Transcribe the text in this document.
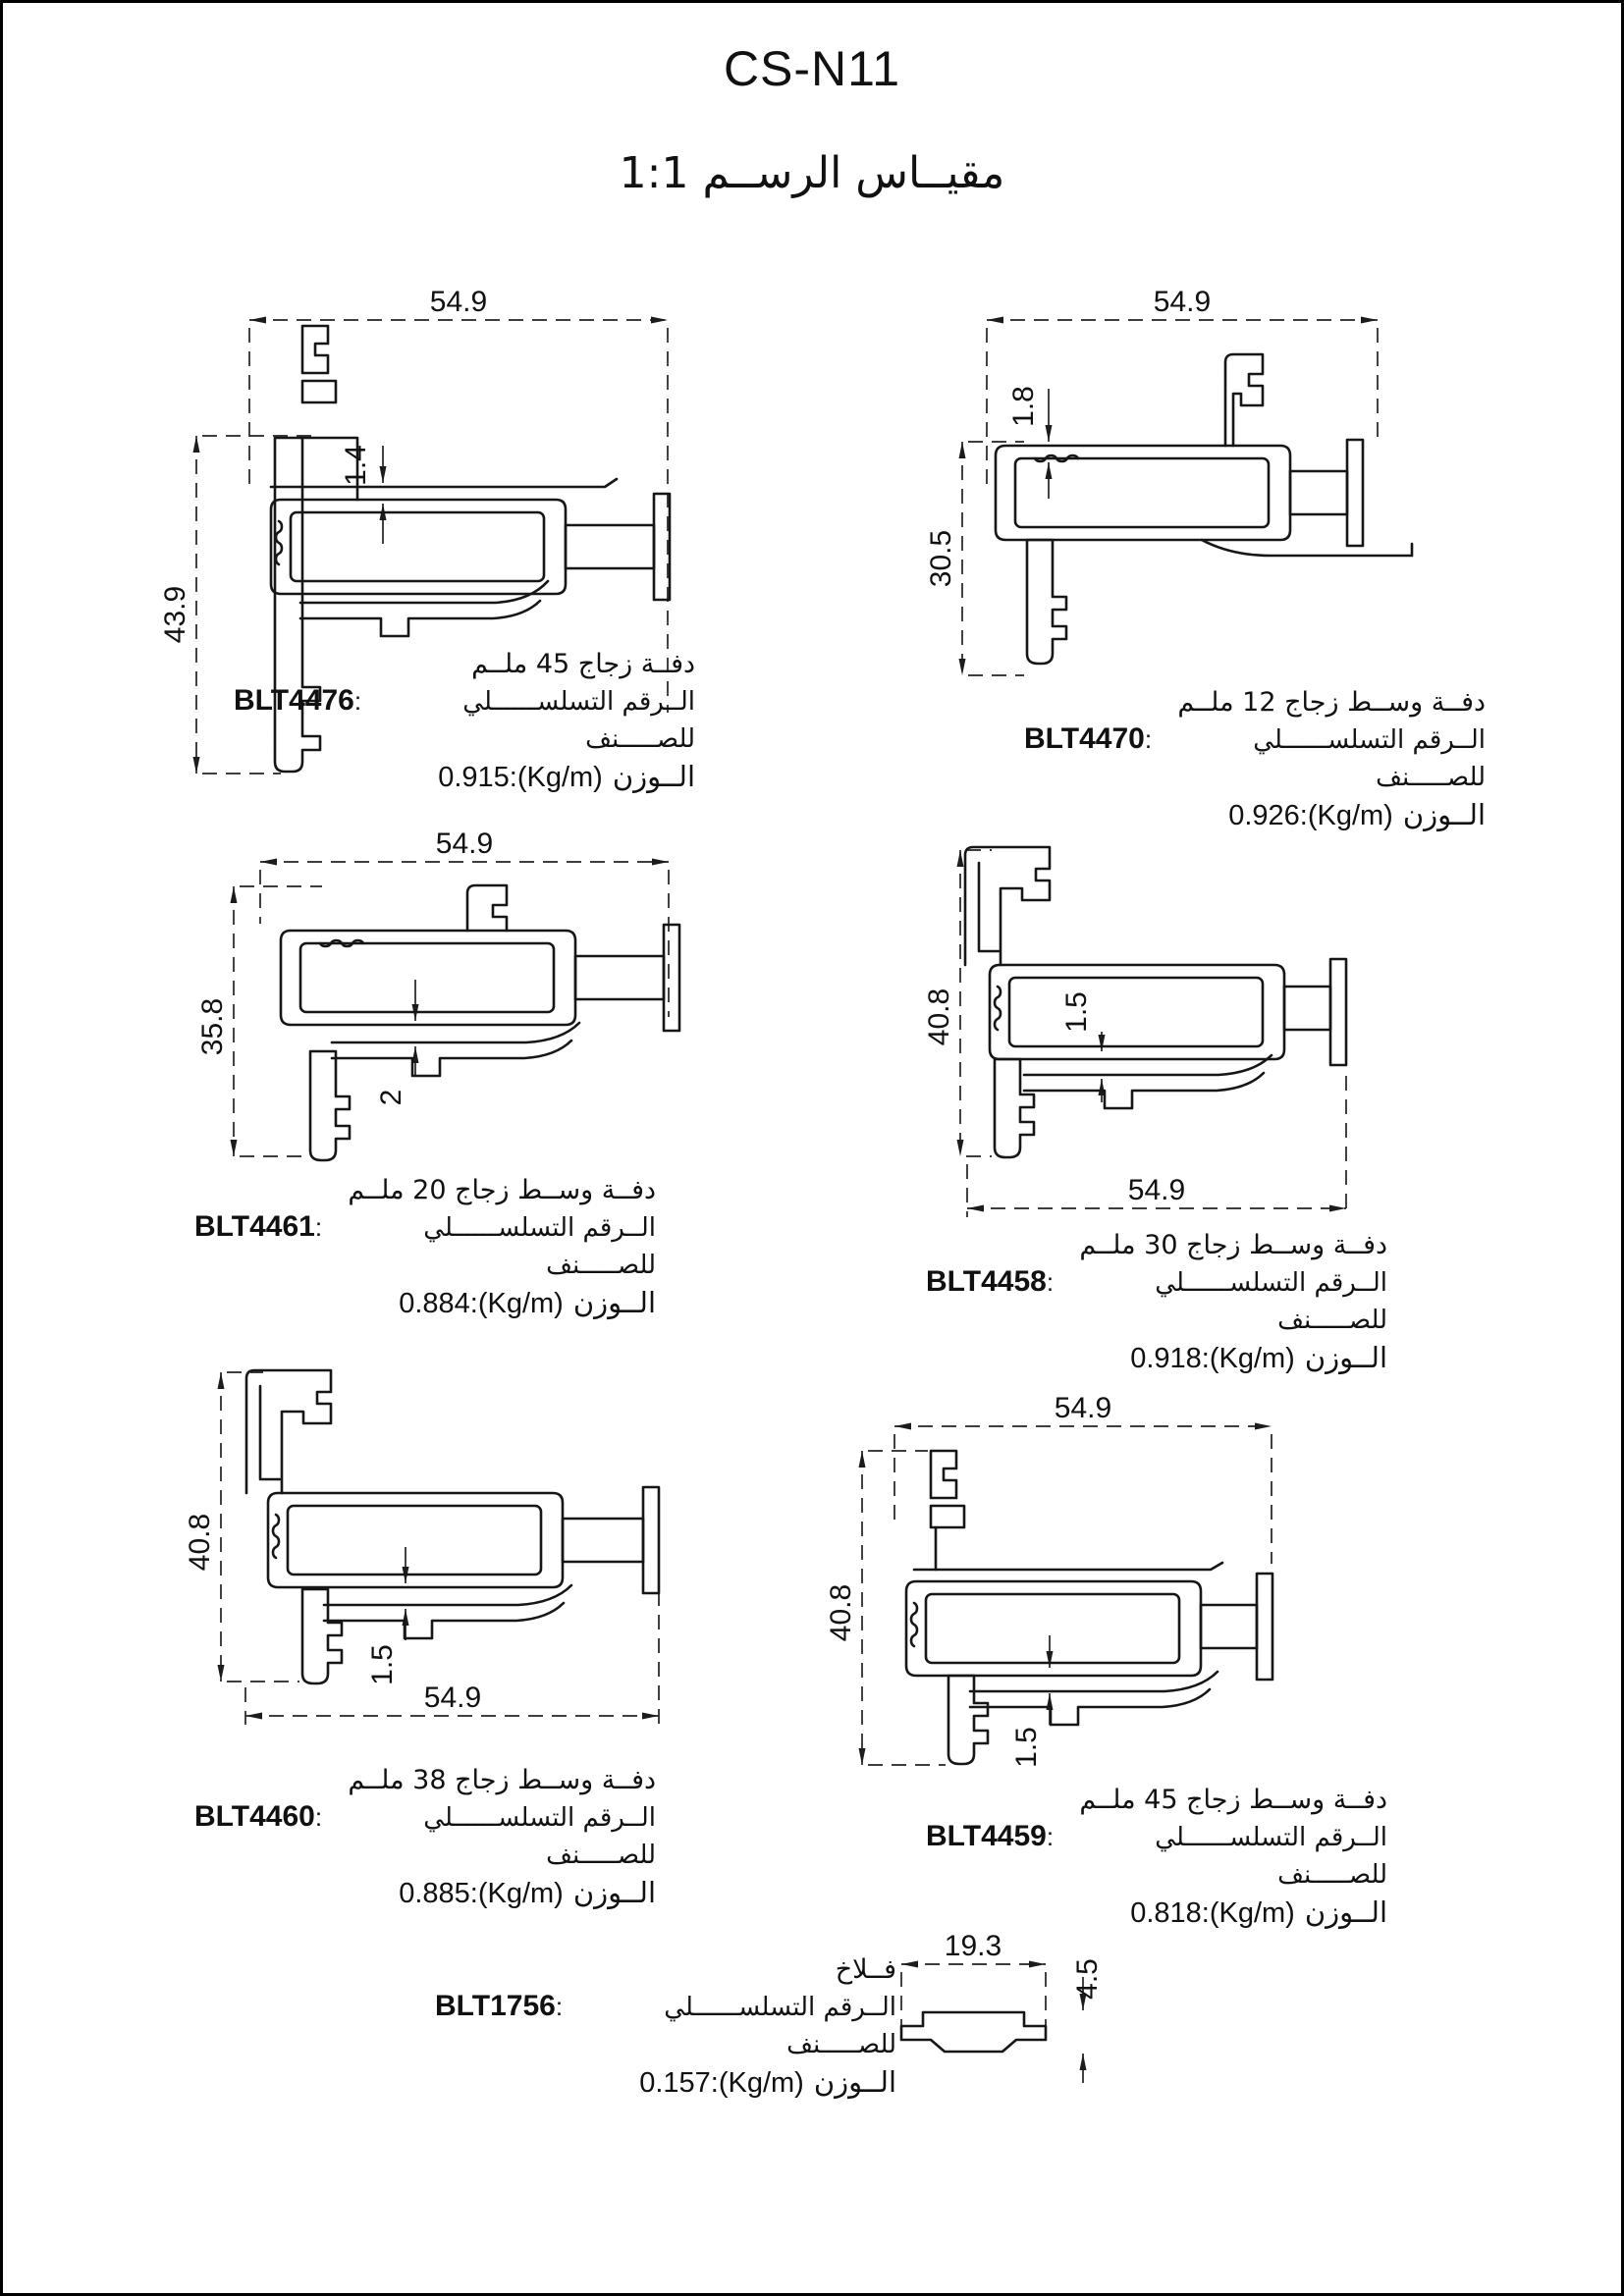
CS-N11
مقيــاس الرســم 1:1
54.9
43.9
1.4
دفــة زجاج 45 ملــم
BLT4476 :	الــرقم التسلســــــلي للصـــــنف
0.915:(Kg/m) الــوزن
54.9
30.5
1.8
دفــة وســط زجاج 12 ملــم
BLT4470 :	الــرقم التسلســــــلي للصـــــنف
0.926:(Kg/m) الــوزن
54.9
35.8
2
دفــة وســط زجاج 20 ملــم
BLT4461 :	الــرقم التسلســــــلي للصـــــنف
0.884:(Kg/m) الــوزن
54.9
40.8	1.5
دفــة وســط زجاج 30 ملــم
BLT4458 :	الــرقم التسلســــــلي للصـــــنف
0.918:(Kg/m) الــوزن
54.9
40.8
1.5
دفــة وســط زجاج 38 ملــم
BLT4460 :	الــرقم التسلســــــلي للصـــــنف
0.885:(Kg/m) الــوزن
54.9
40.8
1.5
دفــة وســط زجاج 45 ملــم
BLT4459 :	الــرقم التسلســــــلي للصـــــنف
0.818:(Kg/m) الــوزن
19.3
4.5
فــلاخ
BLT1756 :	الــرقم التسلســــــلي للصـــــنف
0.157:(Kg/m) الــوزن
